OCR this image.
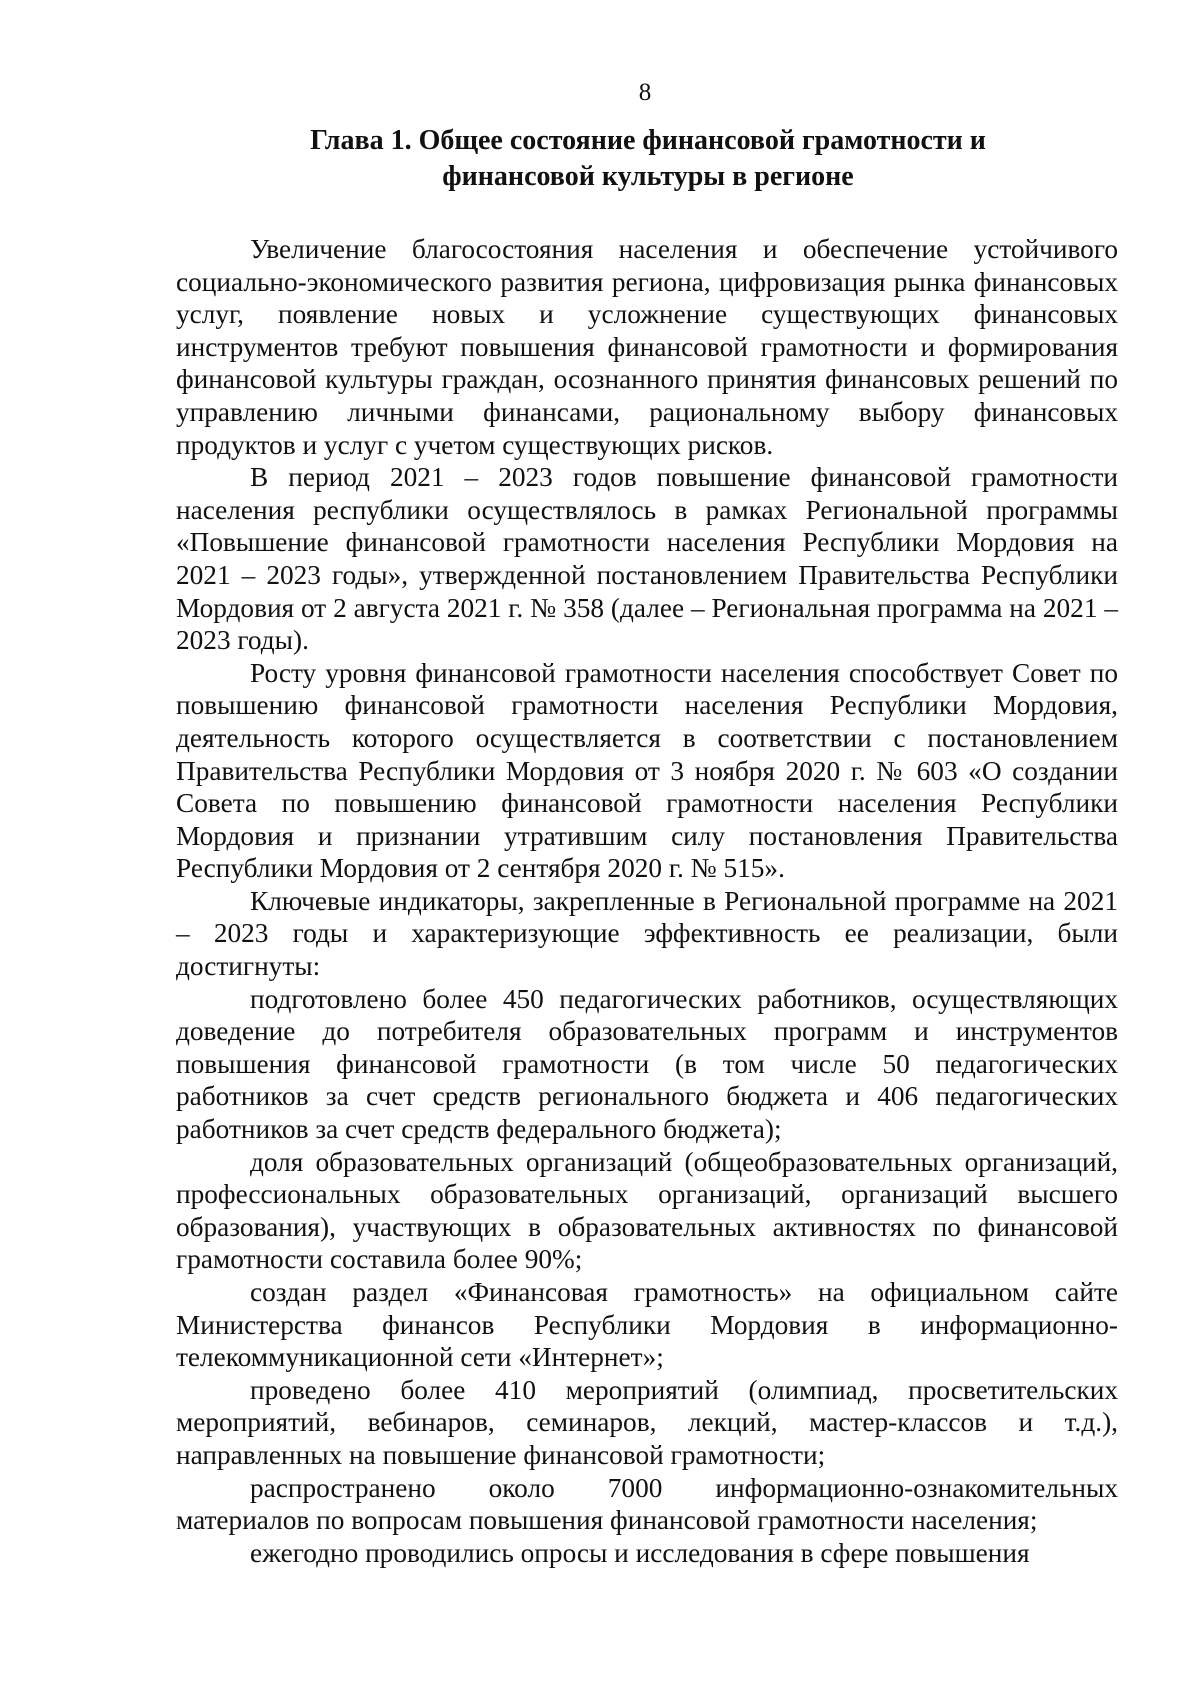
8
Глава 1. Общее состояние финансовой грамотности и
финансовой культуры в регионе

Увеличение благосостояния населения и обеспечение устойчивого социально-экономического развития региона, цифровизация рынка финансовых услуг, появление новых и усложнение существующих финансовых инструментов требуют повышения финансовой грамотности и формирования финансовой культуры граждан, осознанного принятия финансовых решений по управлению личными финансами, рациональному выбору финансовых продуктов и услуг с учетом существующих рисков.

В период 2021 – 2023 годов повышение финансовой грамотности населения республики осуществлялось в рамках Региональной программы «Повышение финансовой грамотности населения Республики Мордовия на 2021 – 2023 годы», утвержденной постановлением Правительства Республики Мордовия от 2 августа 2021 г. № 358 (далее – Региональная программа на 2021 – 2023 годы).

Росту уровня финансовой грамотности населения способствует Совет по повышению финансовой грамотности населения Республики Мордовия, деятельность которого осуществляется в соответствии с постановлением Правительства Республики Мордовия от 3 ноября 2020 г. № 603 «О создании Совета по повышению финансовой грамотности населения Республики Мордовия и признании утратившим силу постановления Правительства Республики Мордовия от 2 сентября 2020 г. № 515».

Ключевые индикаторы, закрепленные в Региональной программе на 2021 – 2023 годы и характеризующие эффективность ее реализации, были достигнуты:

подготовлено более 450 педагогических работников, осуществляющих доведение до потребителя образовательных программ и инструментов повышения финансовой грамотности (в том числе 50 педагогических работников за счет средств регионального бюджета и 406 педагогических работников за счет средств федерального бюджета);

доля образовательных организаций (общеобразовательных организаций, профессиональных образовательных организаций, организаций высшего образования), участвующих в образовательных активностях по финансовой грамотности составила более 90%;

создан раздел «Финансовая грамотность» на официальном сайте Министерства финансов Республики Мордовия в информационно-телекоммуникационной сети «Интернет»;

проведено более 410 мероприятий (олимпиад, просветительских мероприятий, вебинаров, семинаров, лекций, мастер-классов и т.д.), направленных на повышение финансовой грамотности;

распространено около 7000 информационно-ознакомительных материалов по вопросам повышения финансовой грамотности населения;

ежегодно проводились опросы и исследования в сфере повышения
